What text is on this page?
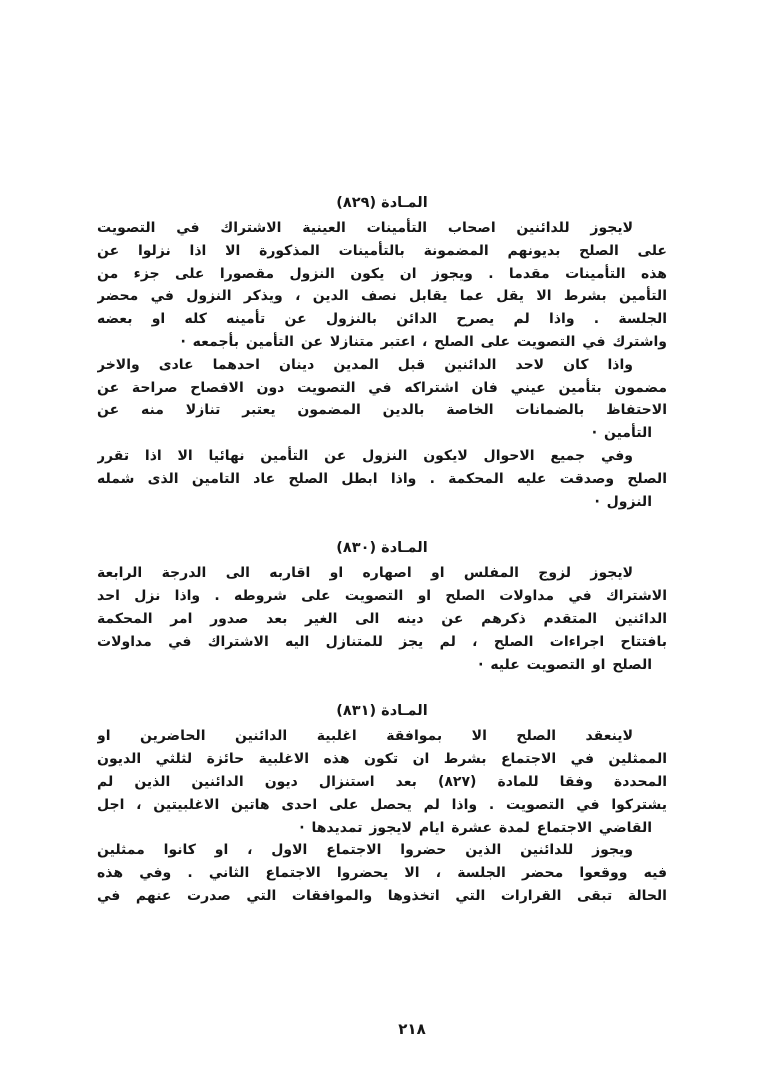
المـادة (٨٢٩)
لايجوز للدائنين اصحاب التأمينات العينية الاشتراك في التصويت
على الصلح بديونهم المضمونة بالتأمينات المذكورة الا اذا نزلوا عن
هذه التأمينات مقدما . ويجوز ان يكون النزول مقصورا على جزء من
التأمين بشرط الا يقل عما يقابل نصف الدين ، ويذكر النزول في محضر
الجلسة . واذا لم يصرح الدائن بالنزول عن تأمينه كله او بعضه
واشترك في التصويت على الصلح ، اعتبر متنازلا عن التأمين بأجمعه ·
واذا كان لاحد الدائنين قبل المدين دينان احدهما عادى والاخر
مضمون بتأمين عيني فان اشتراكه في التصويت دون الافصاح صراحة عن
الاحتفاظ بالضمانات الخاصة بالدين المضمون يعتبر تنازلا منه عن
التأمين ·
وفي جميع الاحوال لايكون النزول عن التأمين نهائيا الا اذا تقرر
الصلح وصدقت عليه المحكمة . واذا ابطل الصلح عاد التامين الذى شمله
النزول ·
المـادة (٨٣٠)
لايجوز لزوج المفلس او اصهاره او اقاربه الى الدرجة الرابعة
الاشتراك في مداولات الصلح او التصويت على شروطه . واذا نزل احد
الدائنين المتقدم ذكرهم عن دينه الى الغير بعد صدور امر المحكمة
بافتتاح اجراءات الصلح ، لم يجز للمتنازل اليه الاشتراك في مداولات
الصلح او التصويت عليه ·
المـادة (٨٣١)
لاينعقد الصلح الا بموافقة اغلبية الدائنين الحاضرين او
الممثلين في الاجتماع بشرط ان تكون هذه الاغلبية حائزة لثلثي الديون
المحددة وفقا للمادة (٨٢٧) بعد استنزال ديون الدائنين الذين لم
يشتركوا في التصويت . واذا لم يحصل على احدى هاتين الاغلبيتين ، اجل
القاضي الاجتماع لمدة عشرة ايام لايجوز تمديدها ·
ويجوز للدائنين الذين حضروا الاجتماع الاول ، او كانوا ممثلين
فيه ووقعوا محضر الجلسة ، الا يحضروا الاجتماع الثاني . وفي هذه
الحالة تبقى القرارات التي اتخذوها والموافقات التي صدرت عنهم في
٢١٨
